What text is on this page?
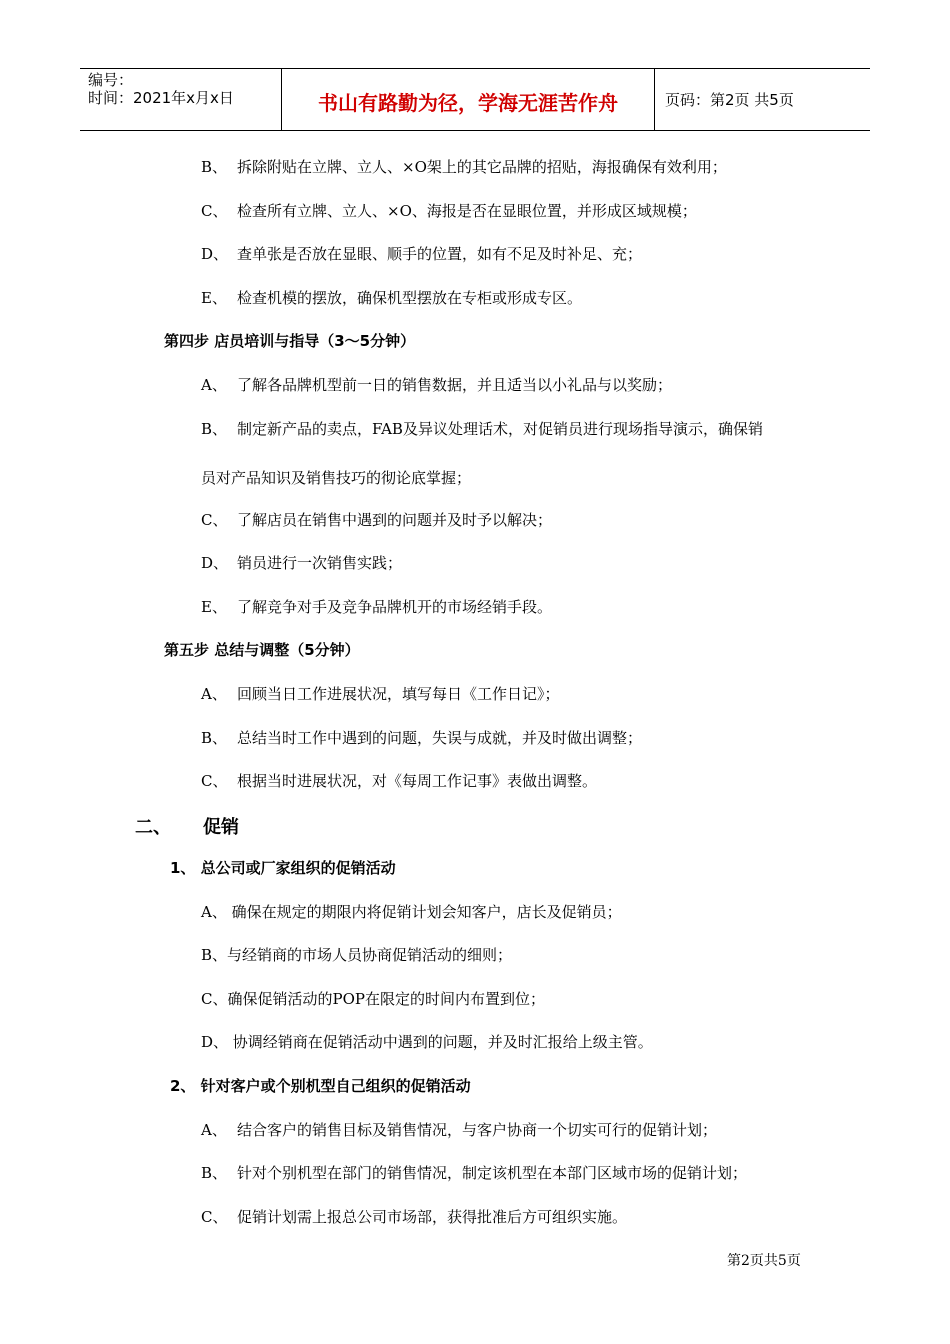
编号：
时间：2021年x月x日	书山有路勤为径，学海无涯苦作舟	页码：第2页 共5页
B、 拆除附贴在立牌、立人、×O架上的其它品牌的招贴，海报确保有效利用；
C、 检查所有立牌、立人、×O、海报是否在显眼位置，并形成区域规模；
D、 查单张是否放在显眼、顺手的位置，如有不足及时补足、充；
E、 检查机模的摆放，确保机型摆放在专柜或形成专区。
第四步 店员培训与指导（3～5分钟）
A、 了解各品牌机型前一日的销售数据，并且适当以小礼品与以奖励；
B、 制定新产品的卖点，FAB及异议处理话术，对促销员进行现场指导演示，确保销
员对产品知识及销售技巧的彻论底掌握；
C、 了解店员在销售中遇到的问题并及时予以解决；
D、 销员进行一次销售实践；
E、 了解竞争对手及竞争品牌机开的市场经销手段。
第五步 总结与调整（5分钟）
A、 回顾当日工作进展状况，填写每日《工作日记》；
B、 总结当时工作中遇到的问题，失误与成就，并及时做出调整；
C、 根据当时进展状况，对《每周工作记事》表做出调整。
二、 促销
1、 总公司或厂家组织的促销活动
A、 确保在规定的期限内将促销计划会知客户，店长及促销员；
B、与经销商的市场人员协商促销活动的细则；
C、确保促销活动的POP在限定的时间内布置到位；
D、 协调经销商在促销活动中遇到的问题，并及时汇报给上级主管。
2、 针对客户或个别机型自己组织的促销活动
A、 结合客户的销售目标及销售情况，与客户协商一个切实可行的促销计划；
B、 针对个别机型在部门的销售情况，制定该机型在本部门区域市场的促销计划；
C、 促销计划需上报总公司市场部，获得批准后方可组织实施。
第2页共5页
